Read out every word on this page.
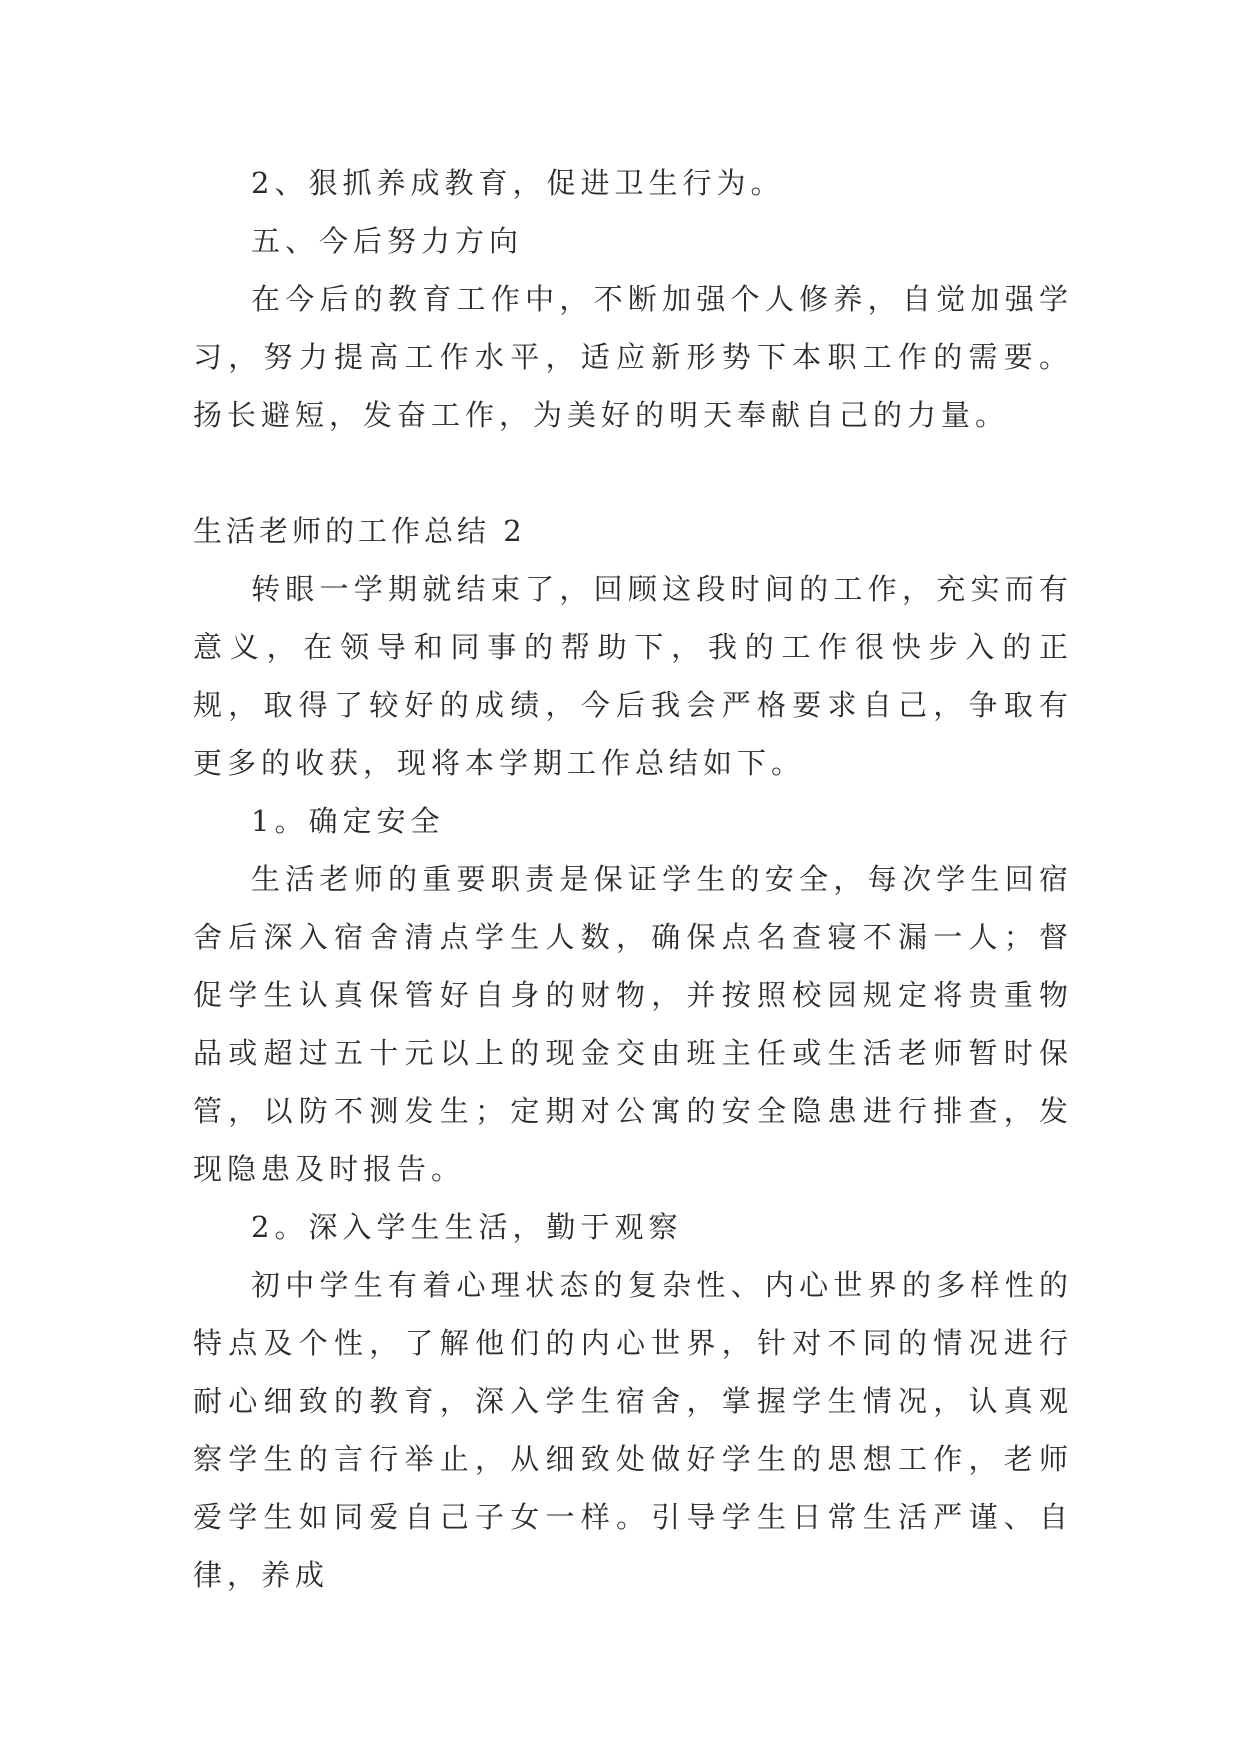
2、狠抓养成教育，促进卫生行为。

五、今后努力方向

在今后的教育工作中，不断加强个人修养，自觉加强学习，努力提高工作水平，适应新形势下本职工作的需要。扬长避短，发奋工作，为美好的明天奉献自己的力量。

生活老师的工作总结 2

转眼一学期就结束了，回顾这段时间的工作，充实而有意义，在领导和同事的帮助下，我的工作很快步入的正规，取得了较好的成绩，今后我会严格要求自己，争取有更多的收获，现将本学期工作总结如下。

1。确定安全

生活老师的重要职责是保证学生的安全，每次学生回宿舍后深入宿舍清点学生人数，确保点名查寝不漏一人；督促学生认真保管好自身的财物，并按照校园规定将贵重物品或超过五十元以上的现金交由班主任或生活老师暂时保管，以防不测发生；定期对公寓的安全隐患进行排查，发现隐患及时报告。

2。深入学生生活，勤于观察

初中学生有着心理状态的复杂性、内心世界的多样性的特点及个性，了解他们的内心世界，针对不同的情况进行耐心细致的教育，深入学生宿舍，掌握学生情况，认真观察学生的言行举止，从细致处做好学生的思想工作，老师爱学生如同爱自己子女一样。引导学生日常生活严谨、自律，养成
